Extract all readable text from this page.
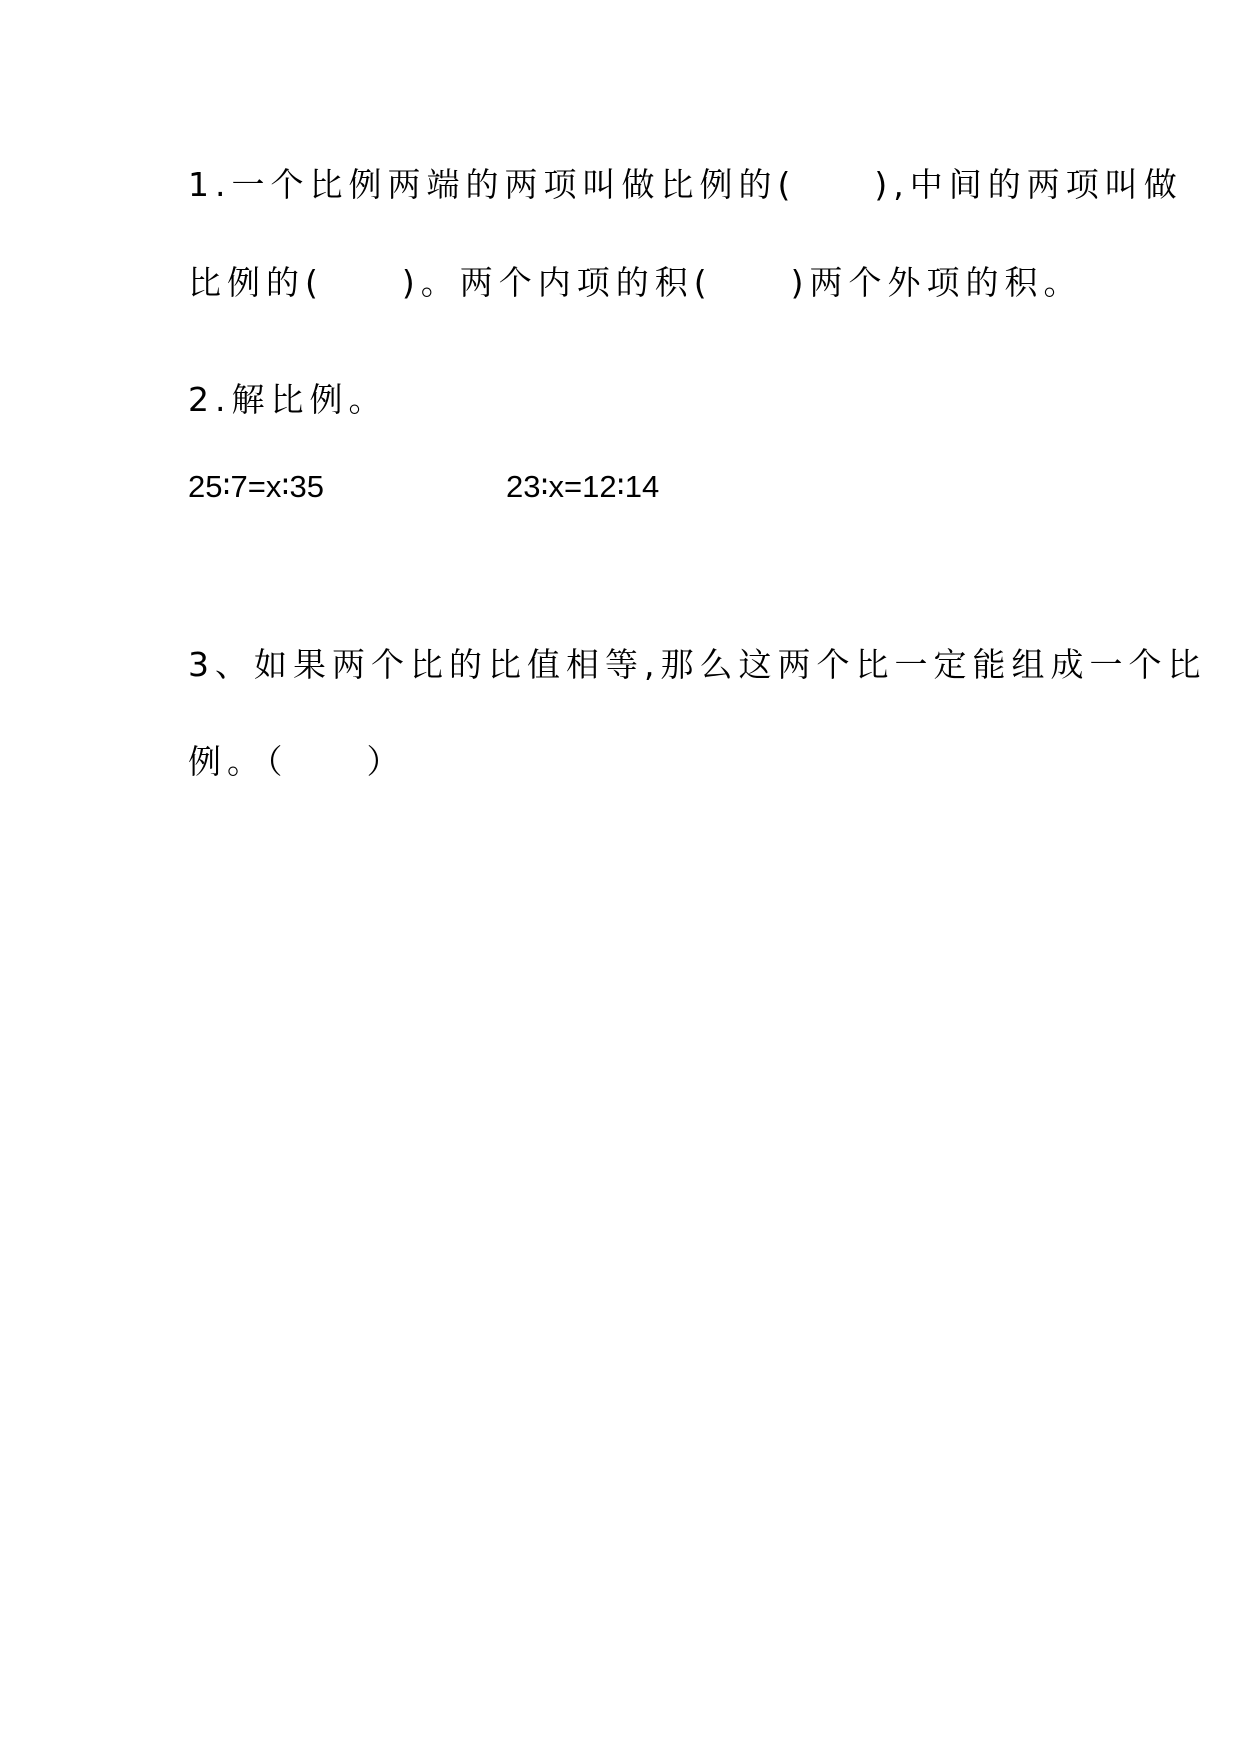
1.一个比例两端的两项叫做比例的(　　),中间的两项叫做
比例的(　　)。两个内项的积(　　)两个外项的积。
2.解比例。
25∶7=x∶35	23∶x=12∶14
3、如果两个比的比值相等,那么这两个比一定能组成一个比
例。（　　）
